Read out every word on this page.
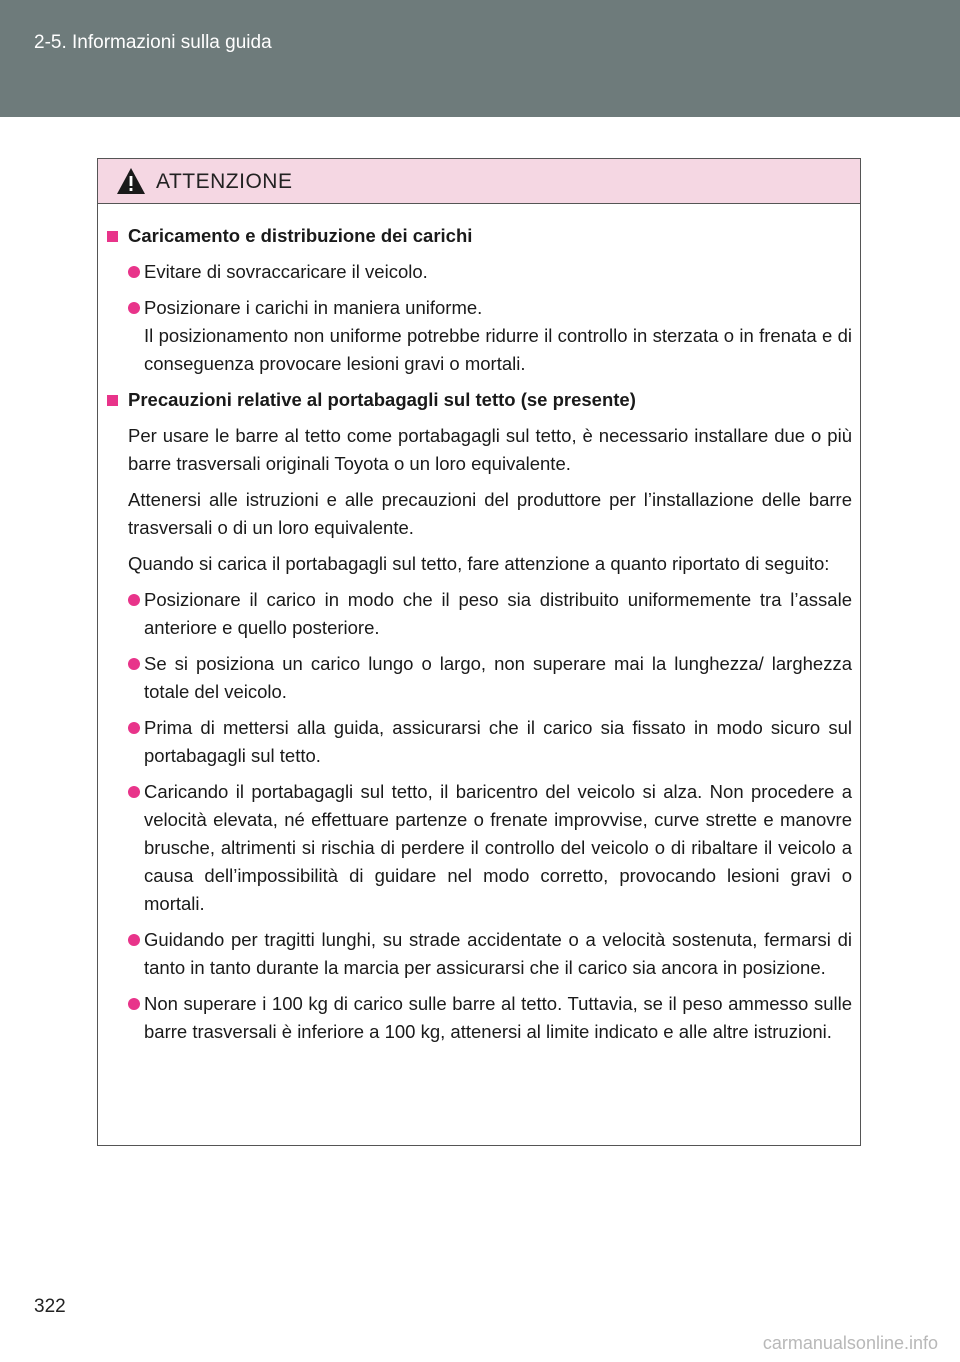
2-5. Informazioni sulla guida
ATTENZIONE
Caricamento e distribuzione dei carichi
Evitare di sovraccaricare il veicolo.
Posizionare i carichi in maniera uniforme.
Il posizionamento non uniforme potrebbe ridurre il controllo in sterzata o in frenata e di conseguenza provocare lesioni gravi o mortali.
Precauzioni relative al portabagagli sul tetto (se presente)
Per usare le barre al tetto come portabagagli sul tetto, è necessario installare due o più barre trasversali originali Toyota o un loro equivalente.
Attenersi alle istruzioni e alle precauzioni del produttore per l’installazione delle barre trasversali o di un loro equivalente.
Quando si carica il portabagagli sul tetto, fare attenzione a quanto riportato di seguito:
Posizionare il carico in modo che il peso sia distribuito uniformemente tra l’assale anteriore e quello posteriore.
Se si posiziona un carico lungo o largo, non superare mai la lunghezza/ larghezza totale del veicolo.
Prima di mettersi alla guida, assicurarsi che il carico sia fissato in modo sicuro sul portabagagli sul tetto.
Caricando il portabagagli sul tetto, il baricentro del veicolo si alza. Non procedere a velocità elevata, né effettuare partenze o frenate improvvise, curve strette e manovre brusche, altrimenti si rischia di perdere il controllo del veicolo o di ribaltare il veicolo a causa dell’impossibilità di guidare nel modo corretto, provocando lesioni gravi o mortali.
Guidando per tragitti lunghi, su strade accidentate o a velocità sostenuta, fermarsi di tanto in tanto durante la marcia per assicurarsi che il carico sia ancora in posizione.
Non superare i 100 kg di carico sulle barre al tetto. Tuttavia, se il peso ammesso sulle barre trasversali è inferiore a 100 kg, attenersi al limite indicato e alle altre istruzioni.
322
carmanualsonline.info
